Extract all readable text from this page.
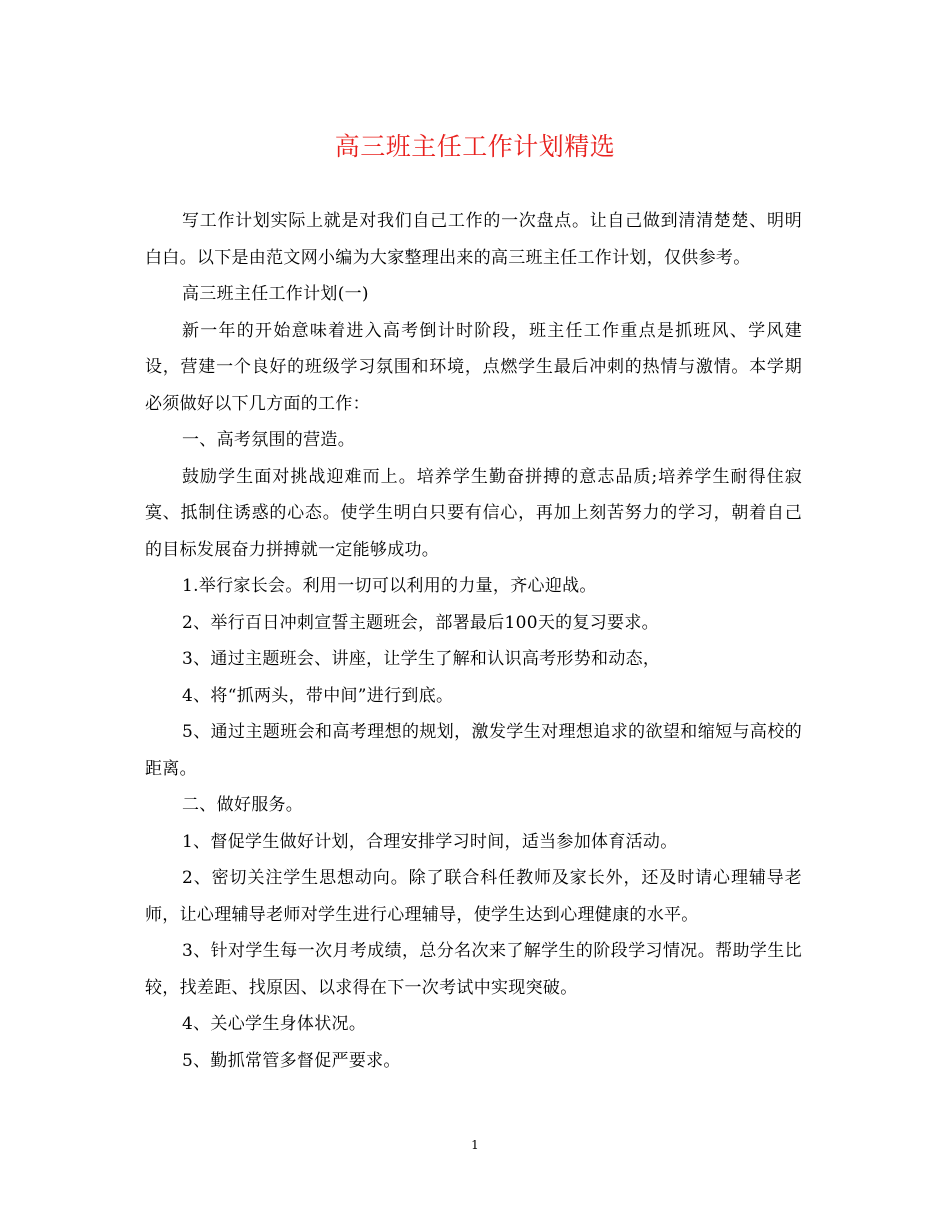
高三班主任工作计划精选

写工作计划实际上就是对我们自己工作的一次盘点。让自己做到清清楚楚、明明白白。以下是由范文网小编为大家整理出来的高三班主任工作计划，仅供参考。

高三班主任工作计划(一)

新一年的开始意味着进入高考倒计时阶段，班主任工作重点是抓班风、学风建设，营建一个良好的班级学习氛围和环境，点燃学生最后冲刺的热情与激情。本学期必须做好以下几方面的工作：

一、高考氛围的营造。

鼓励学生面对挑战迎难而上。培养学生勤奋拼搏的意志品质;培养学生耐得住寂寞、抵制住诱惑的心态。使学生明白只要有信心，再加上刻苦努力的学习，朝着自己的目标发展奋力拼搏就一定能够成功。

1.举行家长会。利用一切可以利用的力量，齐心迎战。

2、举行百日冲刺宣誓主题班会，部署最后100天的复习要求。

3、通过主题班会、讲座，让学生了解和认识高考形势和动态，

4、将“抓两头，带中间”进行到底。

5、通过主题班会和高考理想的规划，激发学生对理想追求的欲望和缩短与高校的距离。

二、做好服务。

1、督促学生做好计划，合理安排学习时间，适当参加体育活动。

2、密切关注学生思想动向。除了联合科任教师及家长外，还及时请心理辅导老师，让心理辅导老师对学生进行心理辅导，使学生达到心理健康的水平。

3、针对学生每一次月考成绩，总分名次来了解学生的阶段学习情况。帮助学生比较，找差距、找原因、以求得在下一次考试中实现突破。

4、关心学生身体状况。

5、勤抓常管多督促严要求。

1
